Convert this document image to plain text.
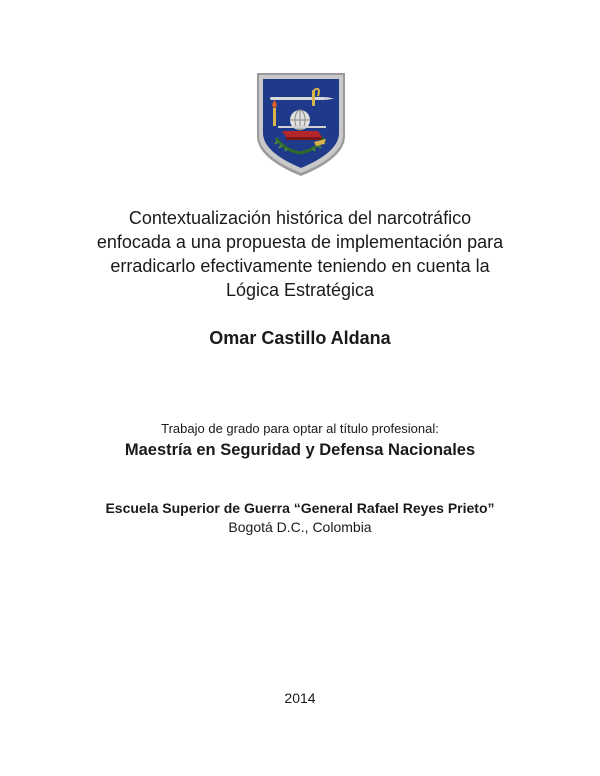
Contextualización histórica del narcotráfico
enfocada a una propuesta de implementación para
erradicarlo efectivamente teniendo en cuenta la
Lógica Estratégica
Omar Castillo Aldana
Trabajo de grado para optar al título profesional:
Maestría en Seguridad y Defensa Nacionales
Escuela Superior de Guerra “General Rafael Reyes Prieto”
Bogotá D.C., Colombia
2014
